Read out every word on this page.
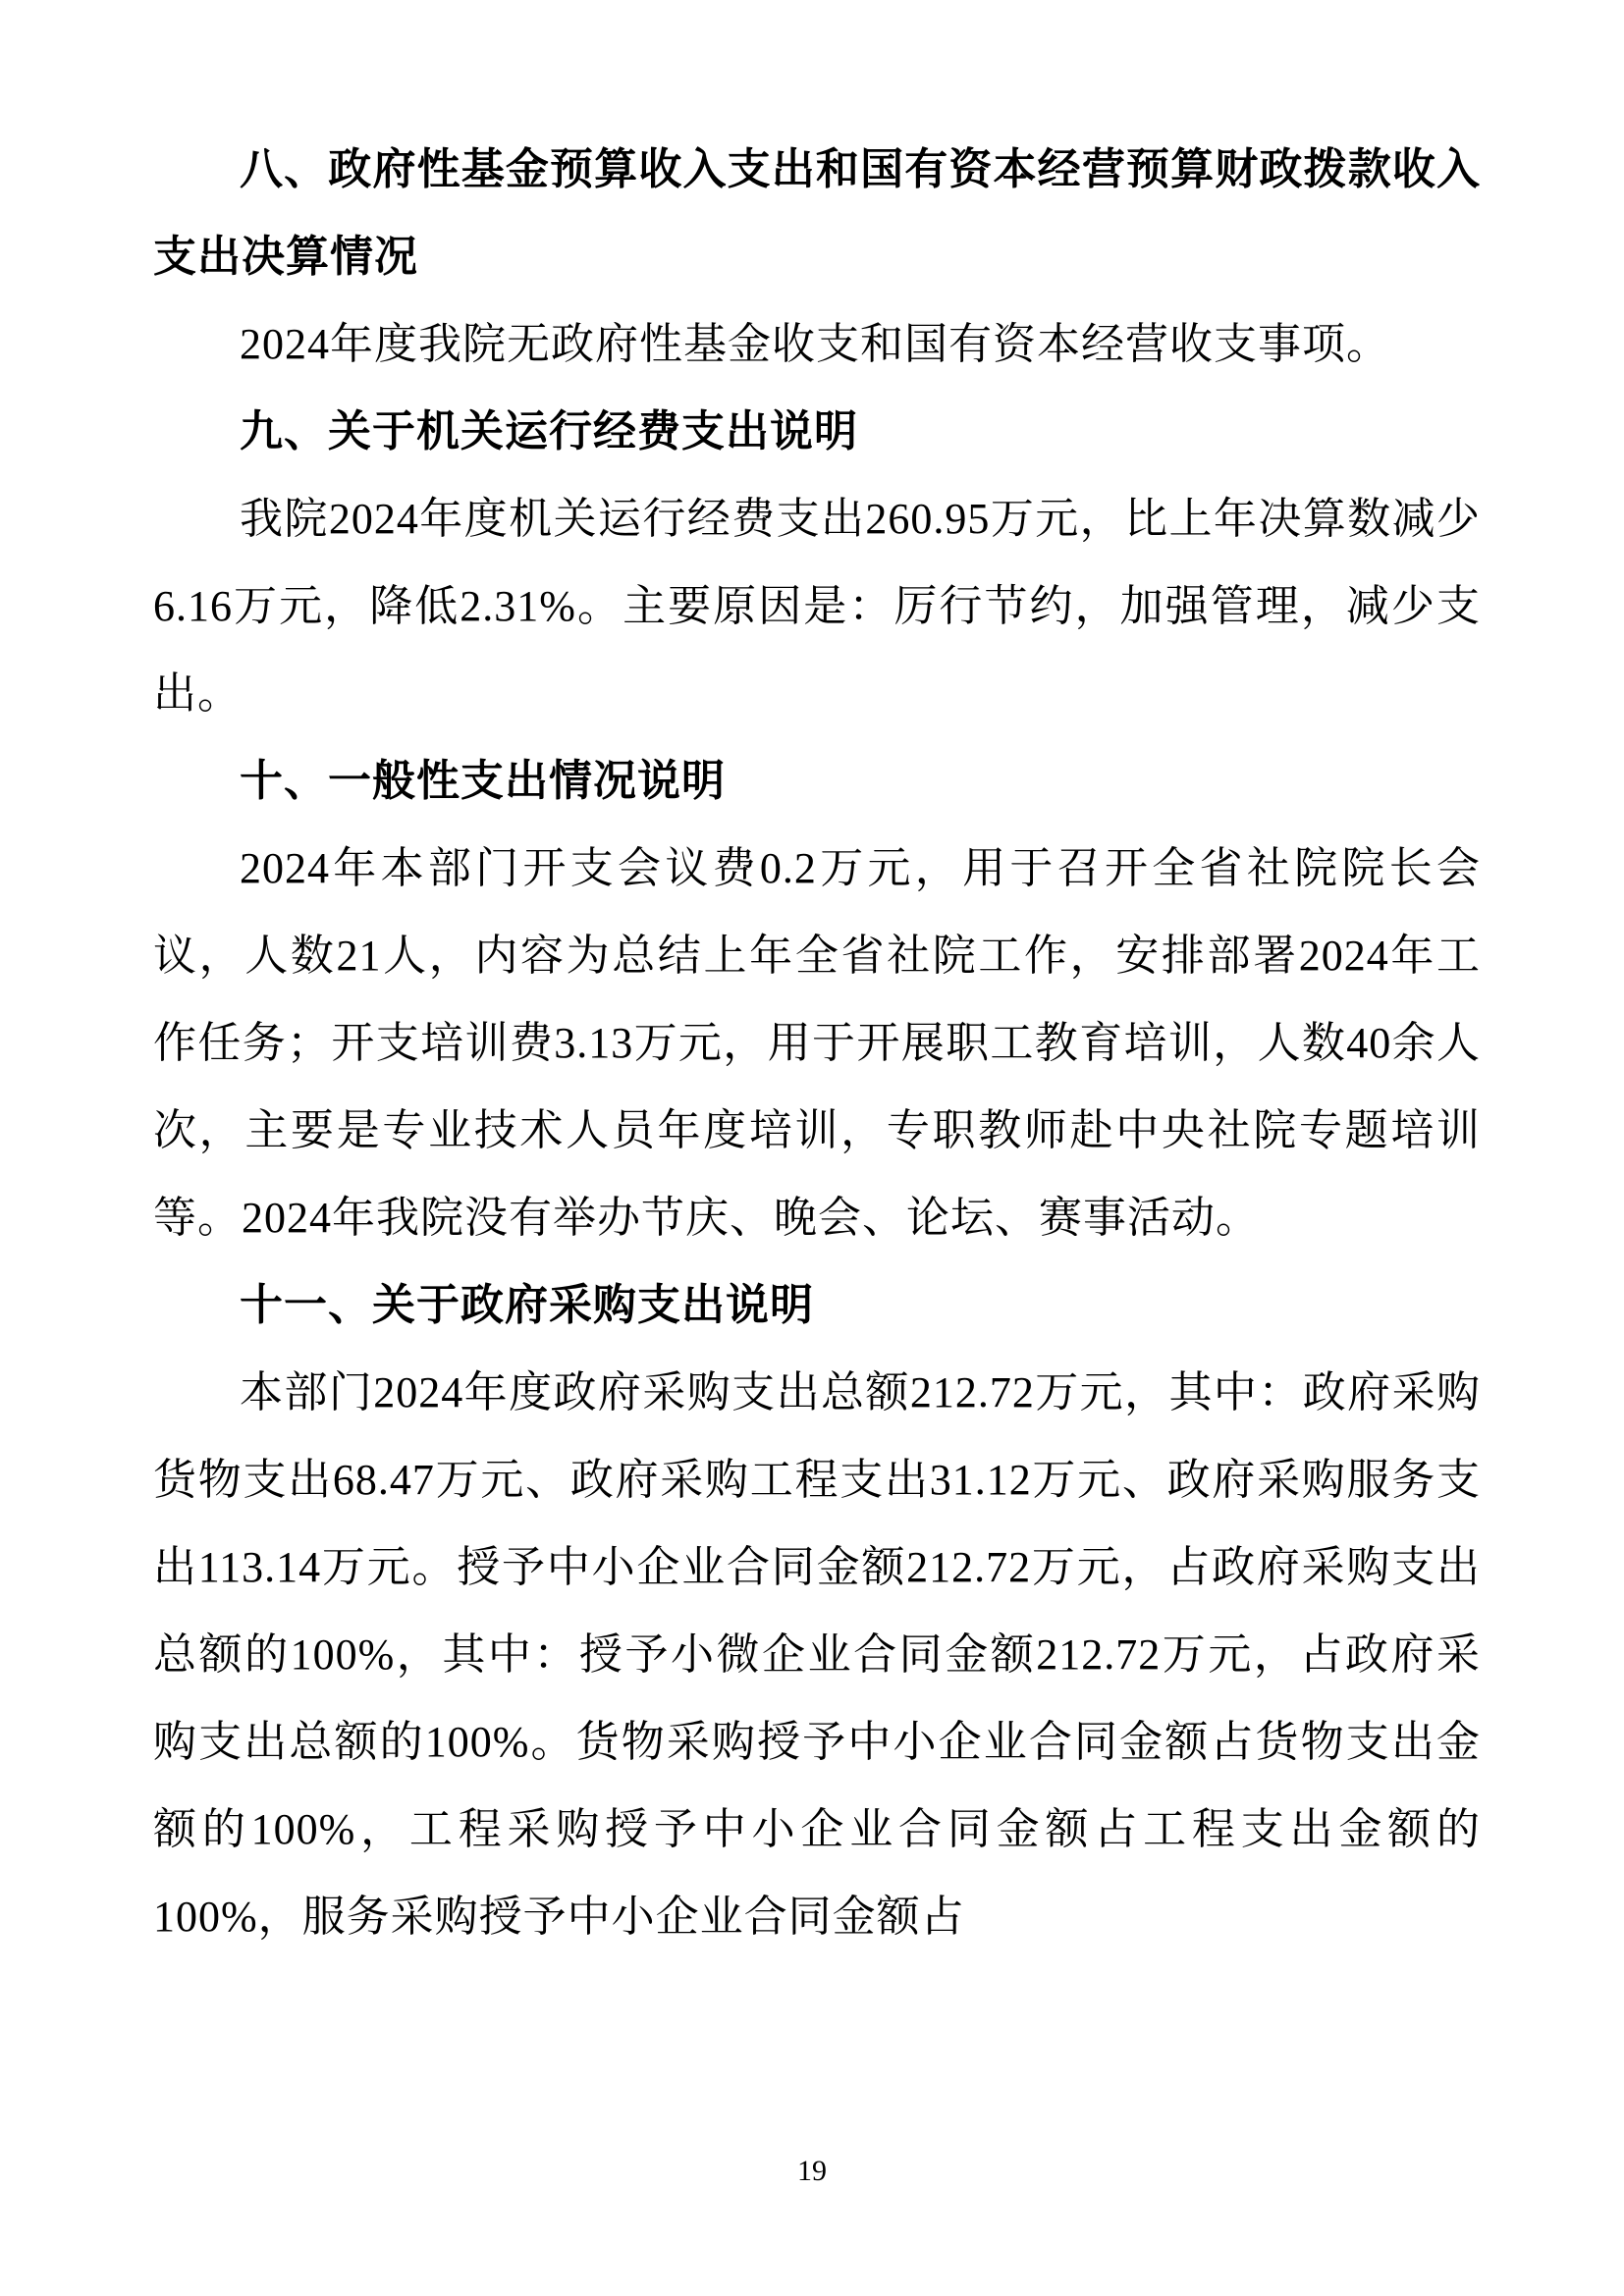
八、政府性基金预算收入支出和国有资本经营预算财政拨款收入支出决算情况

2024年度我院无政府性基金收支和国有资本经营收支事项。

九、关于机关运行经费支出说明

我院2024年度机关运行经费支出260.95万元，比上年决算数减少6.16万元，降低2.31%。主要原因是：厉行节约，加强管理，减少支出。

十、一般性支出情况说明

2024年本部门开支会议费0.2万元，用于召开全省社院院长会议，人数21人，内容为总结上年全省社院工作，安排部署2024年工作任务；开支培训费3.13万元，用于开展职工教育培训，人数40余人次，主要是专业技术人员年度培训，专职教师赴中央社院专题培训等。2024年我院没有举办节庆、晚会、论坛、赛事活动。

十一、关于政府采购支出说明

本部门2024年度政府采购支出总额212.72万元，其中：政府采购货物支出68.47万元、政府采购工程支出31.12万元、政府采购服务支出113.14万元。授予中小企业合同金额212.72万元，占政府采购支出总额的100%，其中：授予小微企业合同金额212.72万元，占政府采购支出总额的100%。货物采购授予中小企业合同金额占货物支出金额的100%，工程采购授予中小企业合同金额占工程支出金额的100%，服务采购授予中小企业合同金额占

19
